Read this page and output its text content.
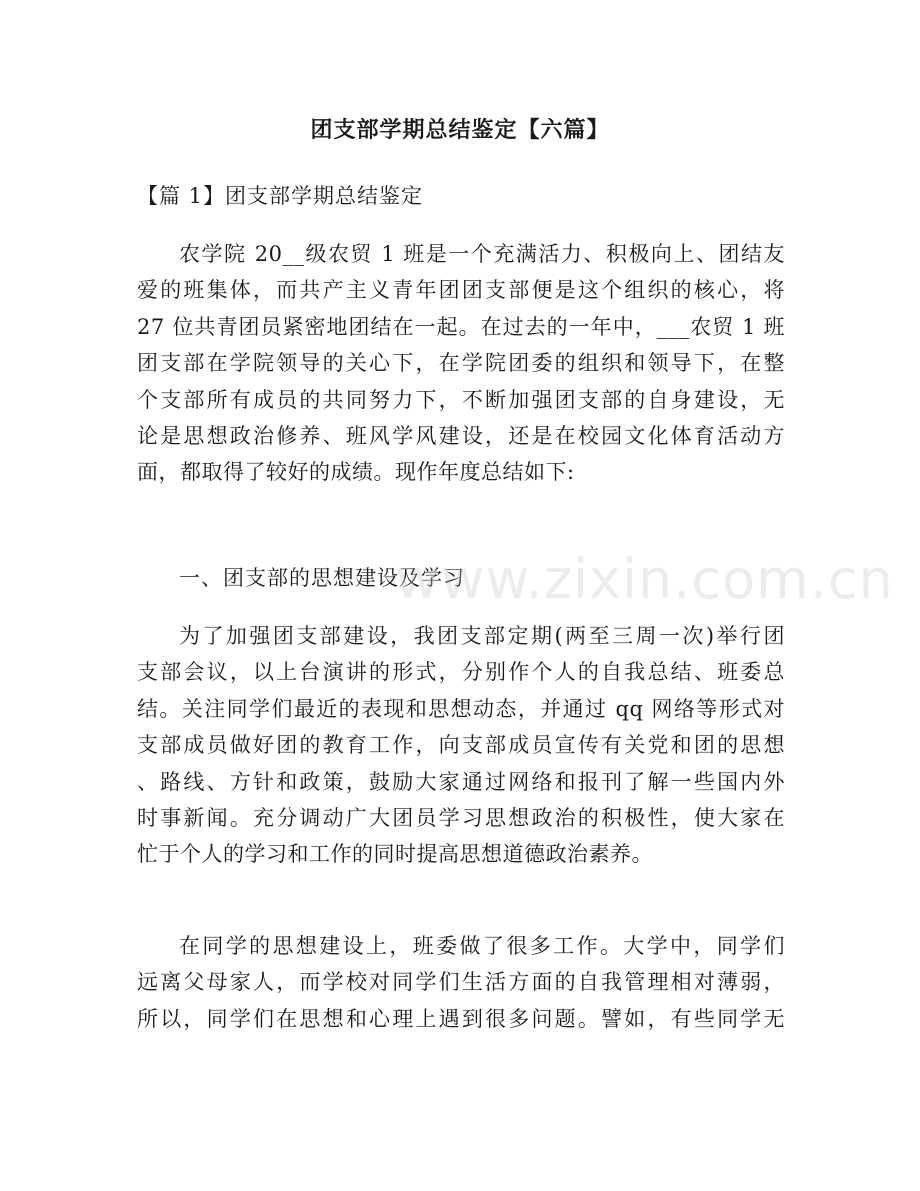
团支部学期总结鉴定【六篇】
【篇 1】团支部学期总结鉴定
农学院 20__级农贸 1 班是一个充满活力、积极向上、团结友
爱的班集体，而共产主义青年团团支部便是这个组织的核心，将
27 位共青团员紧密地团结在一起。在过去的一年中，___农贸 1 班
团支部在学院领导的关心下，在学院团委的组织和领导下，在整
个支部所有成员的共同努力下，不断加强团支部的自身建设，无
论是思想政治修养、班风学风建设，还是在校园文化体育活动方
面，都取得了较好的成绩。现作年度总结如下:
一、团支部的思想建设及学习
为了加强团支部建设，我团支部定期(两至三周一次)举行团
支部会议，以上台演讲的形式，分别作个人的自我总结、班委总
结。关注同学们最近的表现和思想动态，并通过 qq 网络等形式对
支部成员做好团的教育工作，向支部成员宣传有关党和团的思想
、路线、方针和政策，鼓励大家通过网络和报刊了解一些国内外
时事新闻。充分调动广大团员学习思想政治的积极性，使大家在
忙于个人的学习和工作的同时提高思想道德政治素养。
在同学的思想建设上，班委做了很多工作。大学中，同学们
远离父母家人，而学校对同学们生活方面的自我管理相对薄弱，
所以，同学们在思想和心理上遇到很多问题。譬如，有些同学无
www.zixin.com.cn
